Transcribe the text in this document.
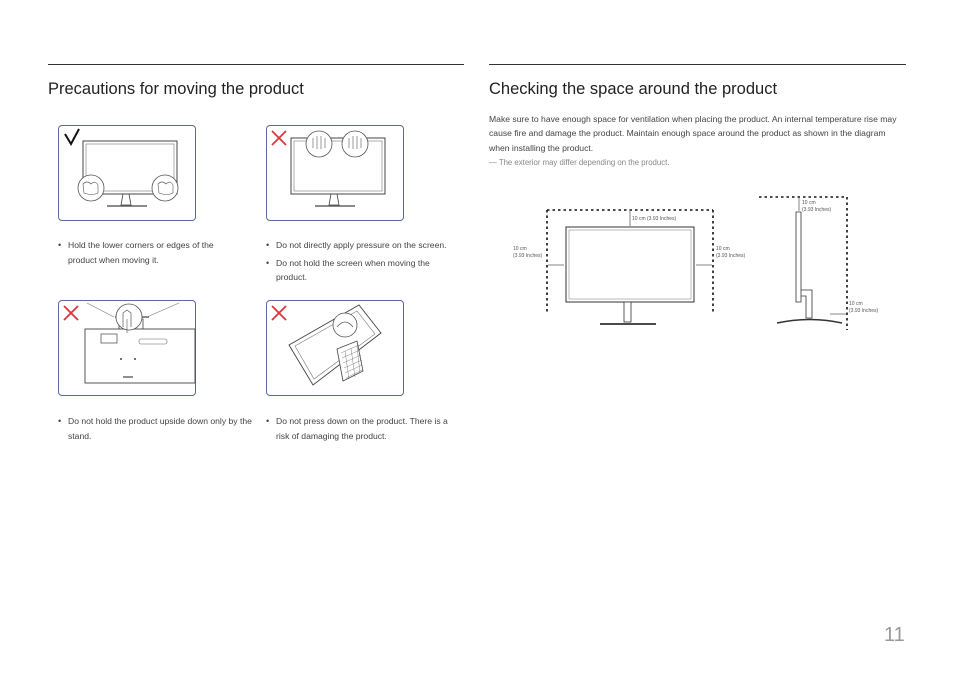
Precautions for moving the product	Checking the space around the product
• Hold the lower corners or edges of the product when moving it.
• Do not directly apply pressure on the screen.
• Do not hold the screen when moving the product.
• Do not hold the product upside down only by the stand.
• Do not press down on the product. There is a risk of damaging the product.

Make sure to have enough space for ventilation when placing the product. An internal temperature rise may cause fire and damage the product. Maintain enough space around the product as shown in the diagram when installing the product.

— The exterior may differ depending on the product.
10 cm (3.93 Inches)
10 cm
(3.93 Inches)
10 cm
(3.93 Inches)
10 cm
(3.93 Inches)
10 cm
(3.93 Inches)
11
